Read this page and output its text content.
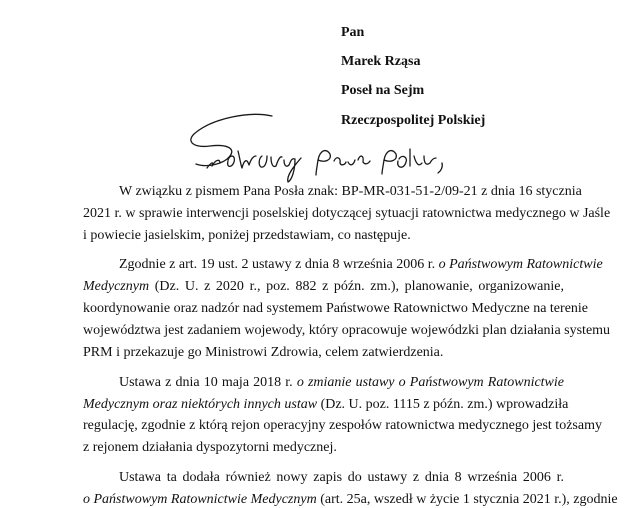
Pan
Marek Rząsa
Poseł na Sejm
Rzeczpospolitej Polskiej
W związku z pismem Pana Posła znak: BP-MR-031-51-2/09-21 z dnia 16 stycznia
2021 r. w sprawie interwencji poselskiej dotyczącej sytuacji ratownictwa medycznego w Jaśle
i powiecie jasielskim, poniżej przedstawiam, co następuje.
Zgodnie z art. 19 ust. 2 ustawy z dnia 8 września 2006 r. o Państwowym Ratownictwie
Medycznym (Dz. U. z 2020 r., poz. 882 z późn. zm.), planowanie, organizowanie,
koordynowanie oraz nadzór nad systemem Państwowe Ratownictwo Medyczne na terenie
województwa jest zadaniem wojewody, który opracowuje wojewódzki plan działania systemu
PRM i przekazuje go Ministrowi Zdrowia, celem zatwierdzenia.
Ustawa z dnia 10 maja 2018 r. o zmianie ustawy o Państwowym Ratownictwie
Medycznym oraz niektórych innych ustaw (Dz. U. poz. 1115 z późn. zm.) wprowadziła
regulację, zgodnie z którą rejon operacyjny zespołów ratownictwa medycznego jest tożsamy
z rejonem działania dyspozytorni medycznej.
Ustawa ta dodała również nowy zapis do ustawy z dnia 8 września 2006 r.
o Państwowym Ratownictwie Medycznym (art. 25a, wszedł w życie 1 stycznia 2021 r.), zgodnie
